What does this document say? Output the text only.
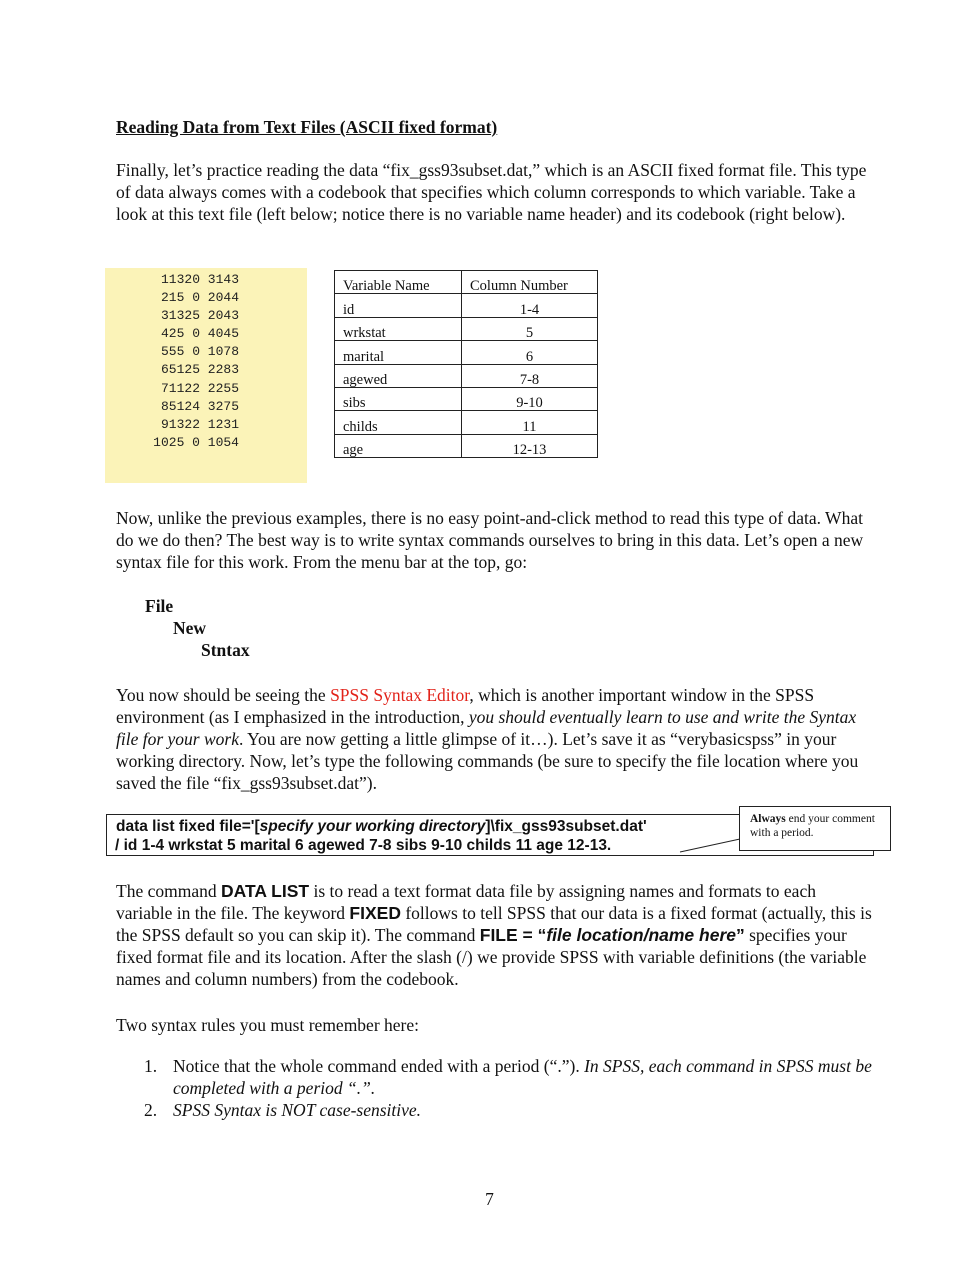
Reading Data from Text Files (ASCII fixed format)

Finally, let’s practice reading the data “fix_gss93subset.dat,” which is an ASCII fixed format file. This type of data always comes with a codebook that specifies which column corresponds to which variable. Take a look at this text file (left below; notice there is no variable name header) and its codebook (right below).

11320 3143
215 0 2044
31325 2043
425 0 4045
555 0 1078
65125 2283
71122 2255
85124 3275
91322 1231
1025 0 1054
Variable Name	Column Number
id	1-4
wrkstat	5
marital	6
agewed	7-8
sibs	9-10
childs	11
age	12-13

Now, unlike the previous examples, there is no easy point-and-click method to read this type of data. What do we do then? The best way is to write syntax commands ourselves to bring in this data. Let’s open a new syntax file for this work. From the menu bar at the top, go:

File

New

Stntax

You now should be seeing the SPSS Syntax Editor, which is another important window in the SPSS environment (as I emphasized in the introduction, you should eventually learn to use and write the Syntax file for your work. You are now getting a little glimpse of it…). Let’s save it as “verybasicspss” in your working directory. Now, let’s type the following commands (be sure to specify the file location where you saved the file “fix_gss93subset.dat”).

data list fixed file='[specify your working directory]\fix_gss93subset.dat'
/ id 1-4 wrkstat 5 marital 6 agewed 7-8 sibs 9-10 childs 11 age 12-13.
Always end your comment with a period.

The command DATA LIST is to read a text format data file by assigning names and formats to each variable in the file. The keyword FIXED follows to tell SPSS that our data is a fixed format (actually, this is the SPSS default so you can skip it). The command FILE = “file location/name here” specifies your fixed format file and its location. After the slash (/) we provide SPSS with variable definitions (the variable names and column numbers) from the codebook.

Two syntax rules you must remember here:

1. Notice that the whole command ended with a period (“.”). In SPSS, each command in SPSS must be completed with a period “.”.
2. SPSS Syntax is NOT case-sensitive.
7
